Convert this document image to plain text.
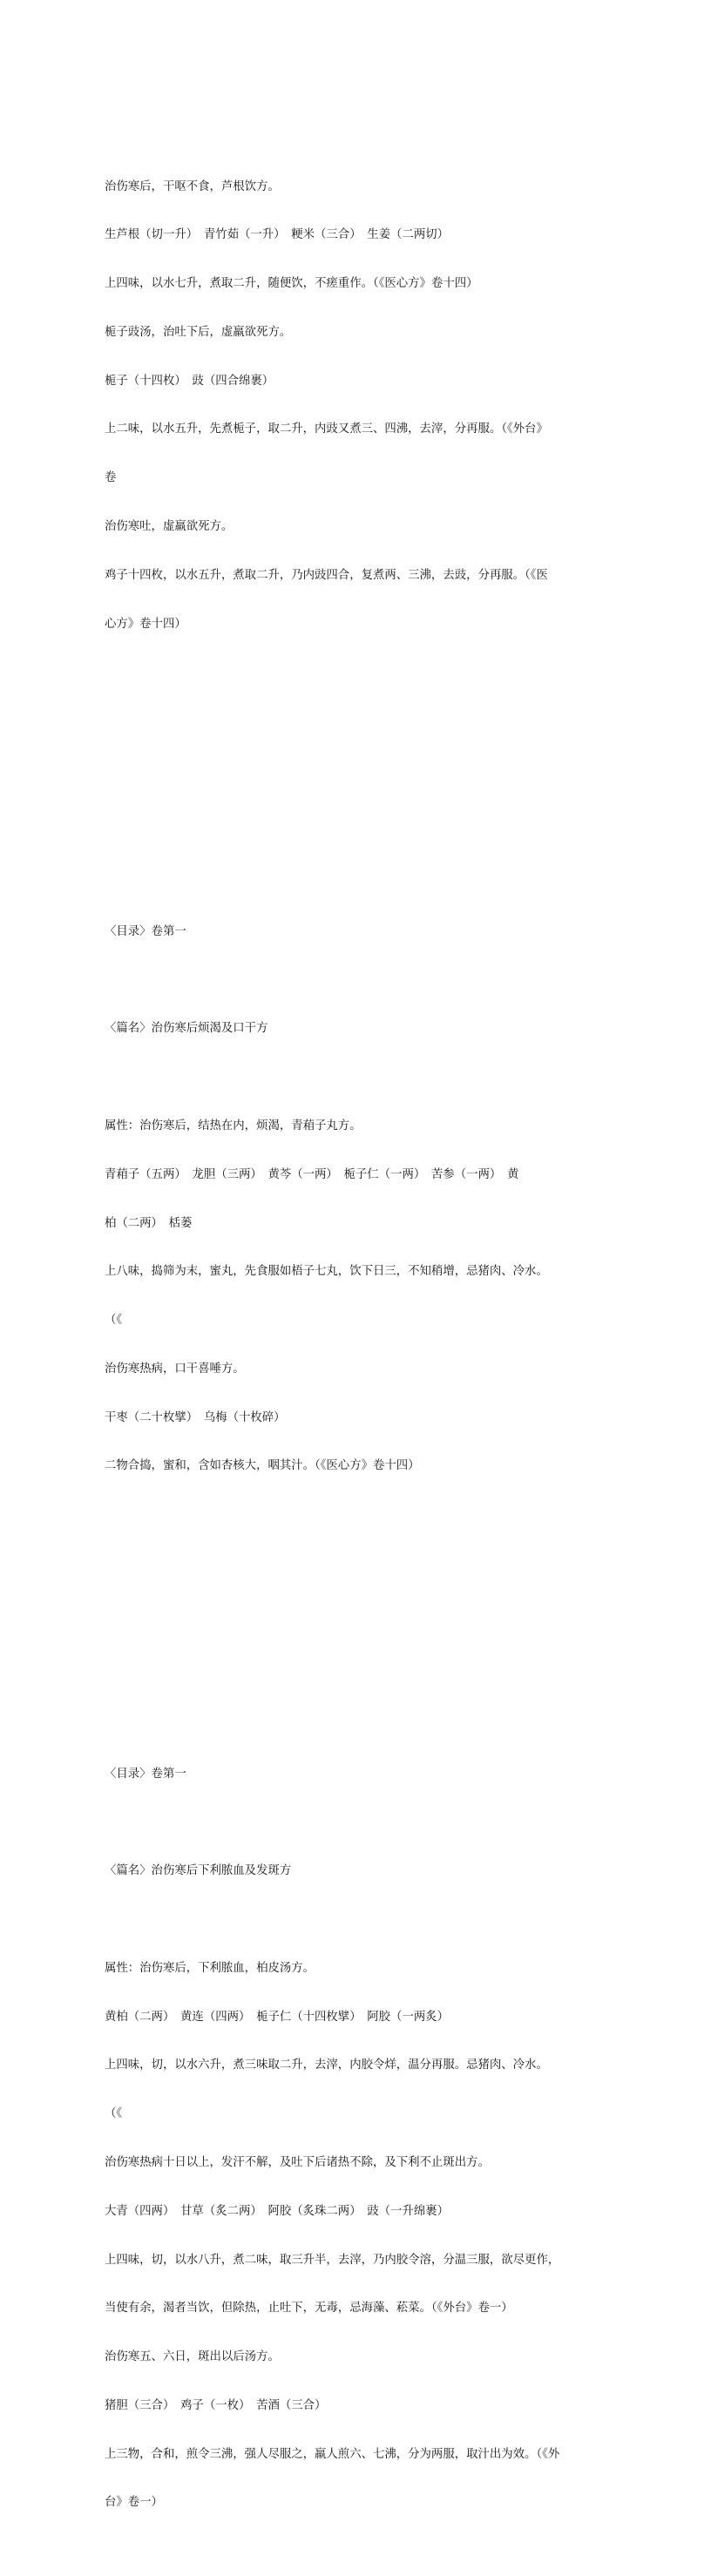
治伤寒后，干呕不食，芦根饮方。

生芦根（切一升）　青竹茹（一升）　粳米（三合）　生姜（二两切）

上四味，以水七升，煮取二升，随便饮，不瘥重作。（《医心方》卷十四）

栀子豉汤，治吐下后，虚羸欲死方。

栀子（十四枚）　豉（四合绵裹）

上二味，以水五升，先煮栀子，取二升，内豉又煮三、四沸，去滓，分再服。（《外台》

卷

治伤寒吐，虚羸欲死方。

鸡子十四枚，以水五升，煮取二升，乃内豉四合，复煮两、三沸，去豉，分再服。（《医

心方》卷十四）

〈目录〉卷第一

〈篇名〉治伤寒后烦渴及口干方

属性：治伤寒后，结热在内，烦渴，青葙子丸方。

青葙子（五两）　龙胆（三两）　黄芩（一两）　栀子仁（一两）　苦参（一两）　黄

柏（二两）　栝蒌

上八味，捣筛为末，蜜丸，先食服如梧子七丸，饮下日三，不知稍增，忌猪肉、冷水。

（《

治伤寒热病，口干喜唾方。

干枣（二十枚擘）　乌梅（十枚碎）

二物合捣，蜜和，含如杏核大，咽其汁。（《医心方》卷十四）

〈目录〉卷第一

〈篇名〉治伤寒后下利脓血及发斑方

属性：治伤寒后，下利脓血，柏皮汤方。

黄柏（二两）　黄连（四两）　栀子仁（十四枚擘）　阿胶（一两炙）

上四味，切，以水六升，煮三味取二升，去滓，内胶令烊，温分再服。忌猪肉、冷水。

（《

治伤寒热病十日以上，发汗不解，及吐下后诸热不除，及下利不止斑出方。

大青（四两）　甘草（炙二两）　阿胶（炙珠二两）　豉（一升绵裹）

上四味，切，以水八升，煮二味，取三升半，去滓，乃内胶令溶，分温三服，欲尽更作，

当使有余，渴者当饮，但除热，止吐下，无毒，忌海藻、菘菜。（《外台》卷一）

治伤寒五、六日，斑出以后汤方。

猪胆（三合）　鸡子（一枚）　苦酒（三合）

上三物，合和，煎令三沸，强人尽服之，羸人煎六、七沸，分为两服，取汁出为效。（《外

台》卷一）
